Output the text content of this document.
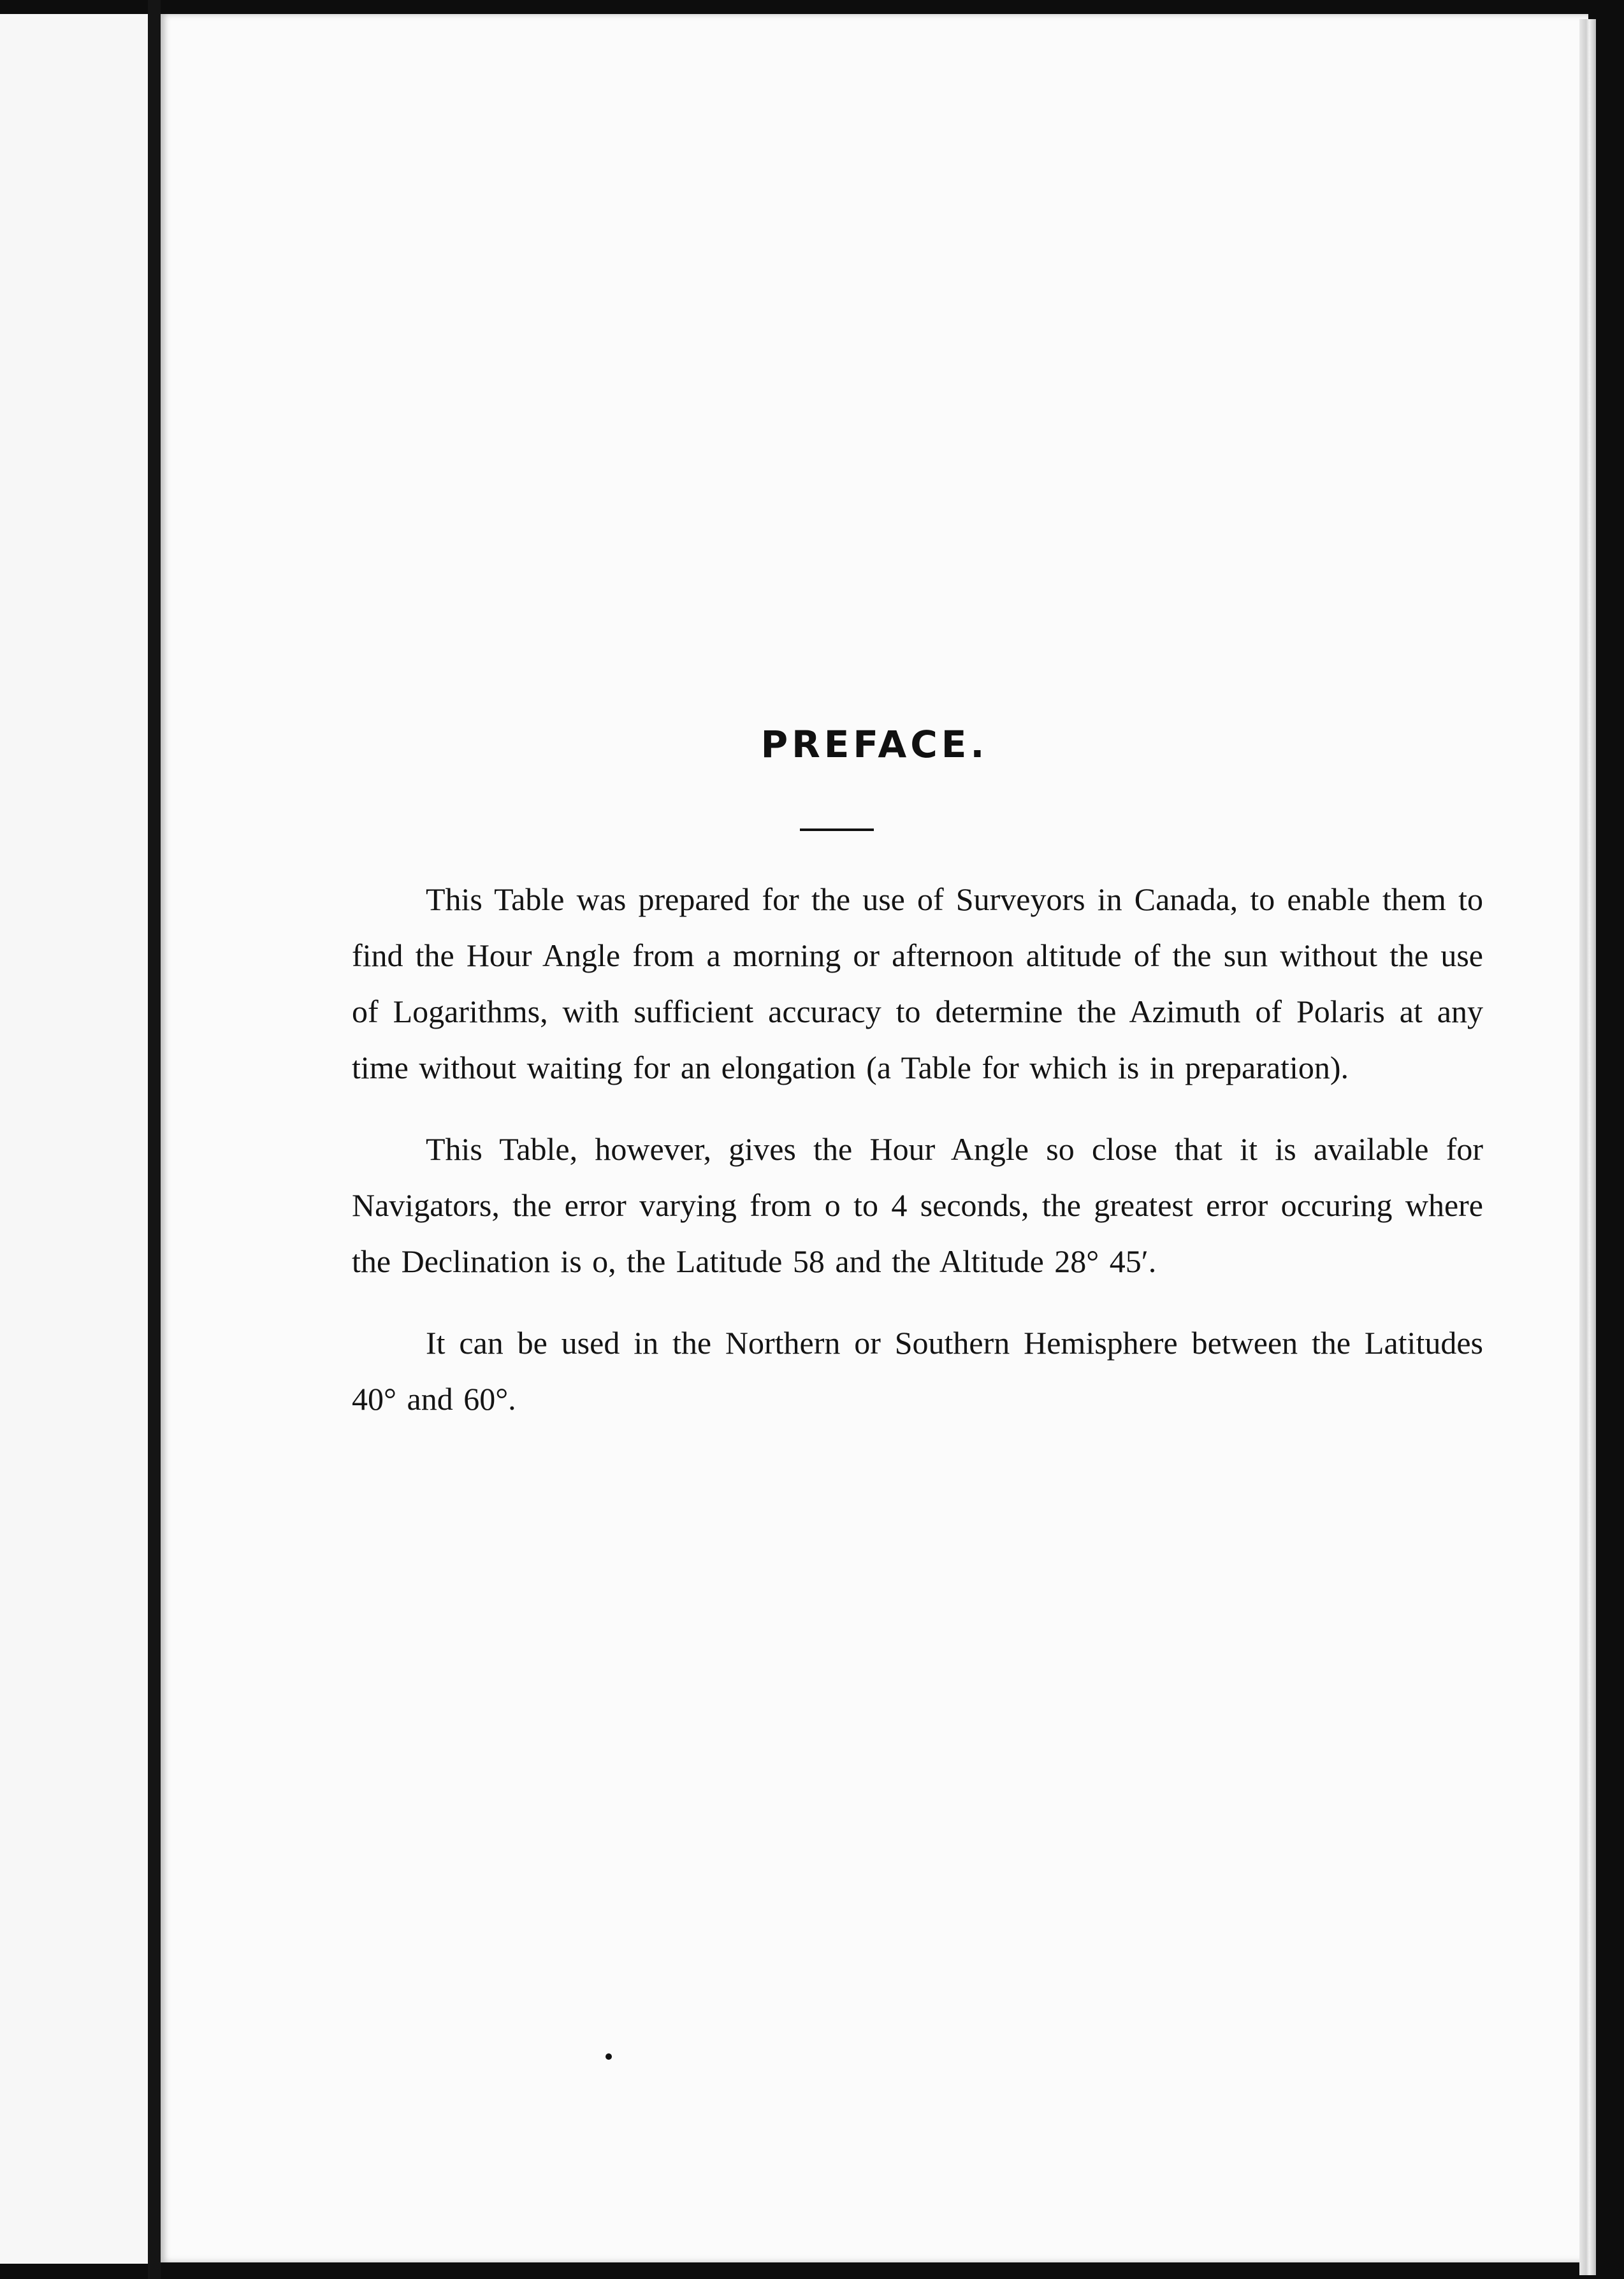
PREFACE.

This Table was prepared for the use of Surveyors in Canada, to enable them to find the Hour Angle from a morning or afternoon altitude of the sun without the use of Logarithms, with sufficient accuracy to determine the Azimuth of Polaris at any time without waiting for an elongation (a Table for which is in preparation).

This Table, however, gives the Hour Angle so close that it is available for Navigators, the error varying from o to 4 seconds, the greatest error occuring where the Declination is o, the Latitude 58 and the Altitude 28° 45′.

It can be used in the Northern or Southern Hemisphere between the Latitudes 40° and 60°.
